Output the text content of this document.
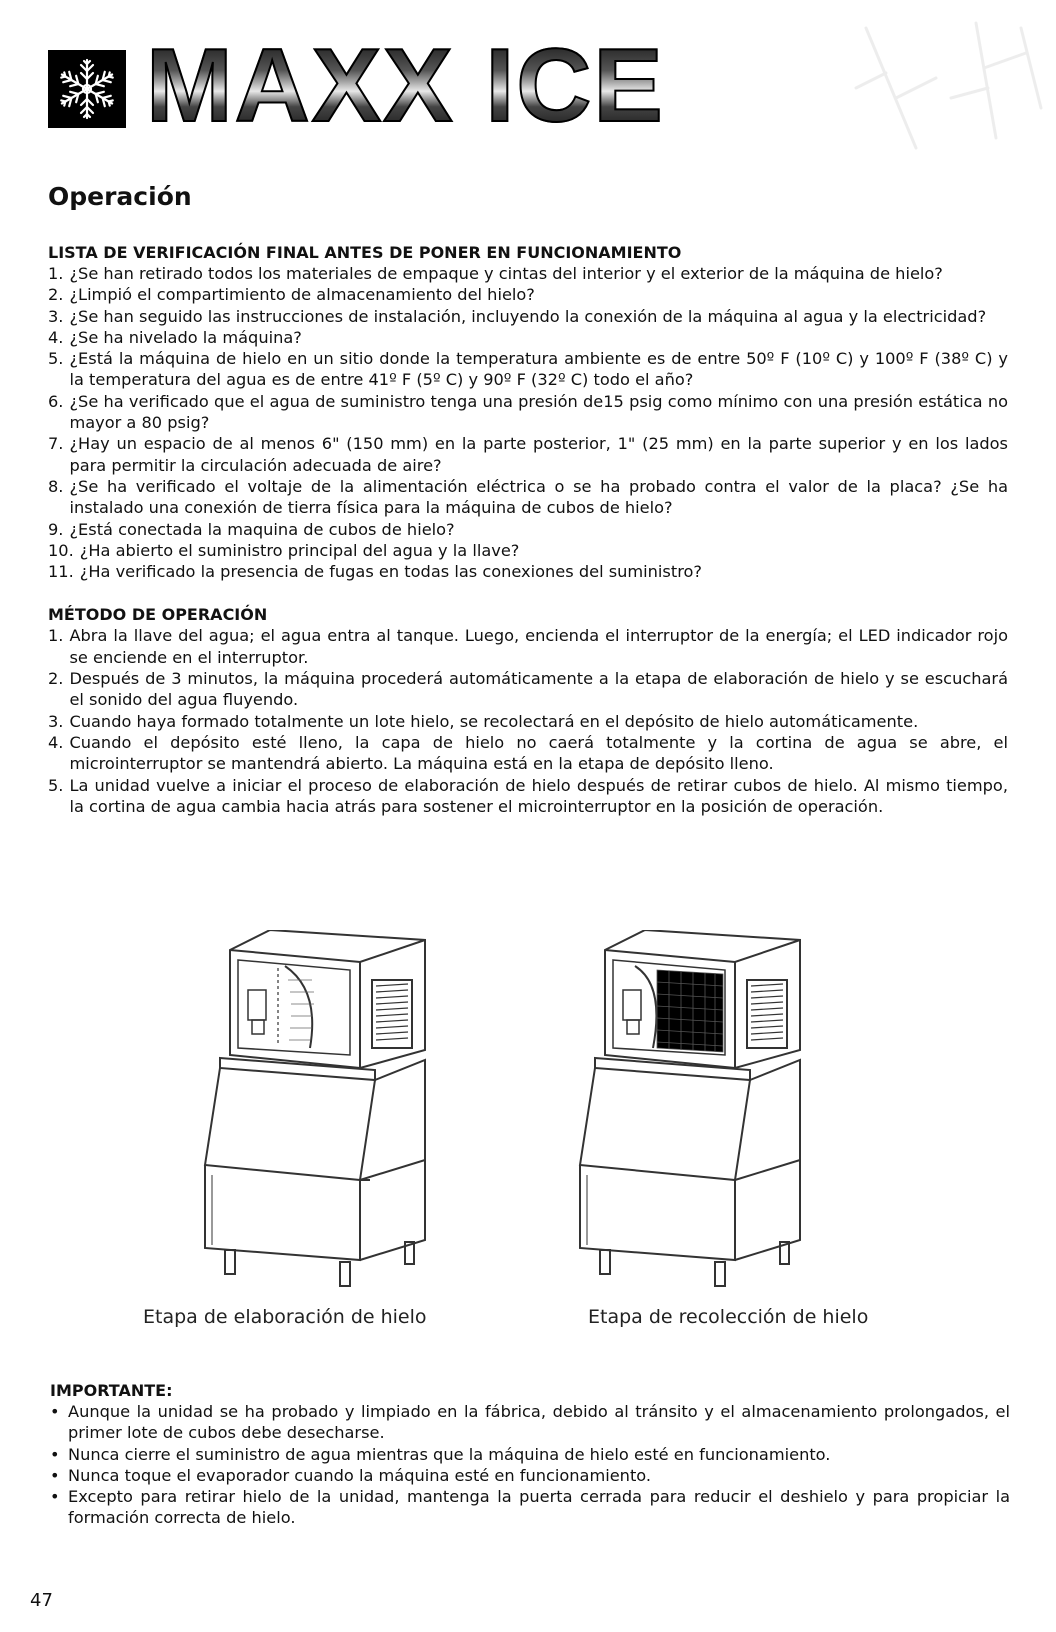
MAXX ICE
Operación

LISTA DE VERIFICACIÓN FINAL ANTES DE PONER EN FUNCIONAMIENTO

1. ¿Se han retirado todos los materiales de empaque y cintas del interior y el exterior de la máquina de hielo?
2. ¿Limpió el compartimiento de almacenamiento del hielo?
3. ¿Se han seguido las instrucciones de instalación, incluyendo la conexión de la máquina al agua y la electricidad?
4. ¿Se ha nivelado la máquina?
5. ¿Está la máquina de hielo en un sitio donde la temperatura ambiente es de entre 50º F (10º C) y 100º F (38º C) y la temperatura del agua es de entre 41º F (5º C) y 90º F (32º C) todo el año?
6. ¿Se ha verificado que el agua de suministro tenga una presión de15 psig como mínimo con una presión estática no mayor a 80 psig?
7. ¿Hay un espacio de al menos 6" (150 mm) en la parte posterior, 1" (25 mm) en la parte superior y en los lados para permitir la circulación adecuada de aire?
8. ¿Se ha verificado el voltaje de la alimentación eléctrica o se ha probado contra el valor de la placa? ¿Se ha instalado una conexión de tierra física para la máquina de cubos de hielo?
9. ¿Está conectada la maquina de cubos de hielo?
10. ¿Ha abierto el suministro principal del agua y la llave?
11. ¿Ha verificado la presencia de fugas en todas las conexiones del suministro?

MÉTODO DE OPERACIÓN

1. Abra la llave del agua; el agua entra al tanque. Luego, encienda el interruptor de la energía; el LED indicador rojo se enciende en el interruptor.
2. Después de 3 minutos, la máquina procederá automáticamente a la etapa de elaboración de hielo y se escuchará el sonido del agua fluyendo.
3. Cuando haya formado totalmente un lote hielo, se recolectará en el depósito de hielo automáticamente.
4. Cuando el depósito esté lleno, la capa de hielo no caerá totalmente y la cortina de agua se abre, el microinterruptor se mantendrá abierto. La máquina está en la etapa de depósito lleno.
5. La unidad vuelve a iniciar el proceso de elaboración de hielo después de retirar cubos de hielo. Al mismo tiempo, la cortina de agua cambia hacia atrás para sostener el microinterruptor en la posición de operación.
Etapa de elaboración de hielo	Etapa de recolección de hielo

IMPORTANTE:

• Aunque la unidad se ha probado y limpiado en la fábrica, debido al tránsito y el almacenamiento prolongados, el primer lote de cubos debe desecharse.
• Nunca cierre el suministro de agua mientras que la máquina de hielo esté en funcionamiento.
• Nunca toque el evaporador cuando la máquina esté en funcionamiento.
• Excepto para retirar hielo de la unidad, mantenga la puerta cerrada para reducir el deshielo y para propiciar la formación correcta de hielo.
47
